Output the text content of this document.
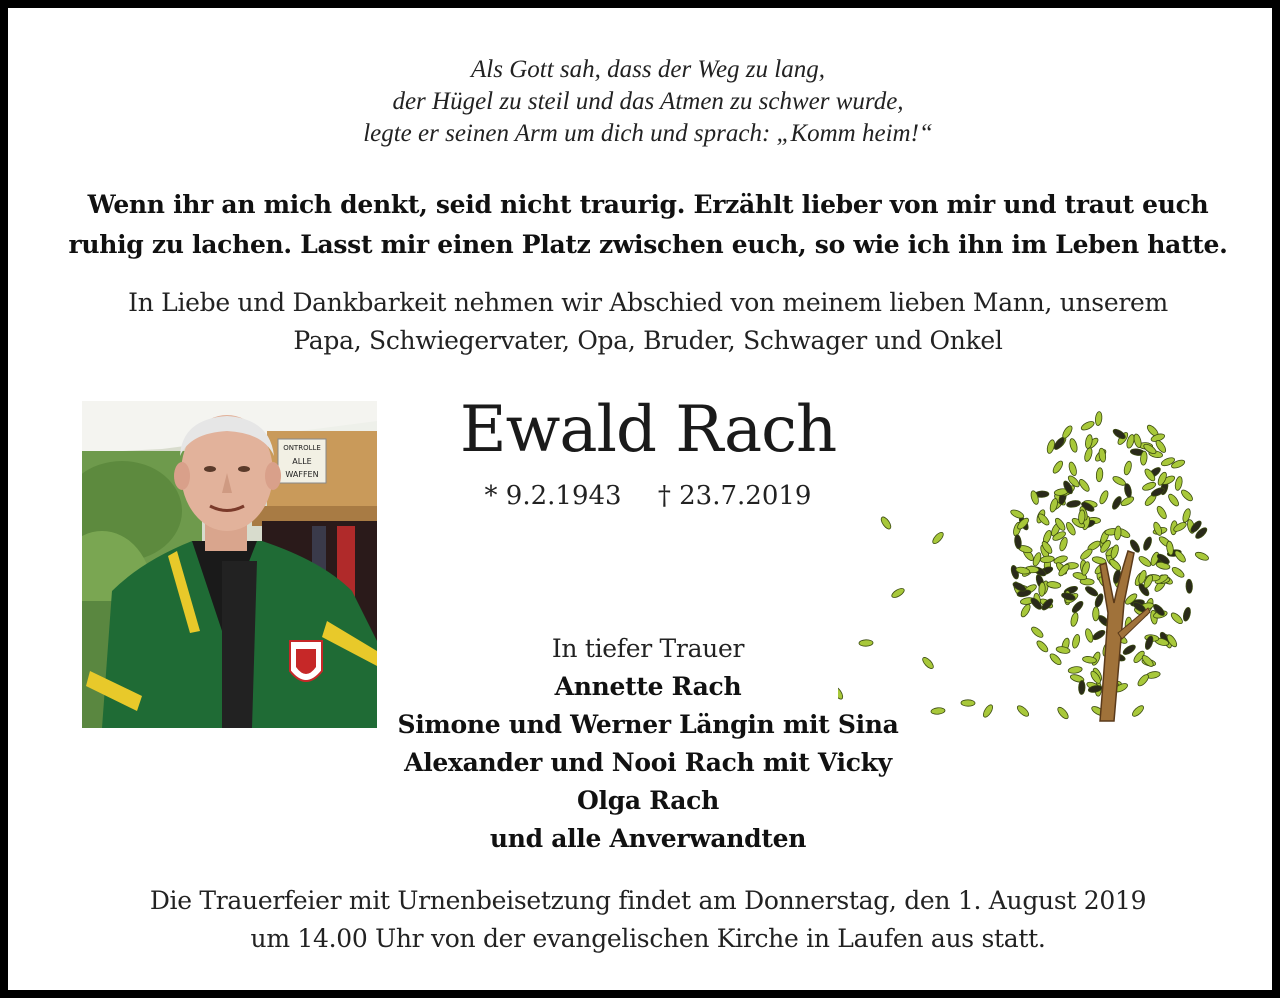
Als Gott sah, dass der Weg zu lang,
der Hügel zu steil und das Atmen zu schwer wurde,
legte er seinen Arm um dich und sprach: „Komm heim!“
Wenn ihr an mich denkt, seid nicht traurig. Erzählt lieber von mir und traut euch
ruhig zu lachen. Lasst mir einen Platz zwischen euch, so wie ich ihn im Leben hatte.
In Liebe und Dankbarkeit nehmen wir Abschied von meinem lieben Mann, unserem
Papa, Schwiegervater, Opa, Bruder, Schwager und Onkel
ONTROLLE
ALLE
WAFFEN
Ewald Rach
* 9.2.1943 † 23.7.2019
In tiefer Trauer
Annette Rach
Simone und Werner Längin mit Sina
Alexander und Nooi Rach mit Vicky
Olga Rach
und alle Anverwandten
Die Trauerfeier mit Urnenbeisetzung findet am Donnerstag, den 1. August 2019
um 14.00 Uhr von der evangelischen Kirche in Laufen aus statt.
